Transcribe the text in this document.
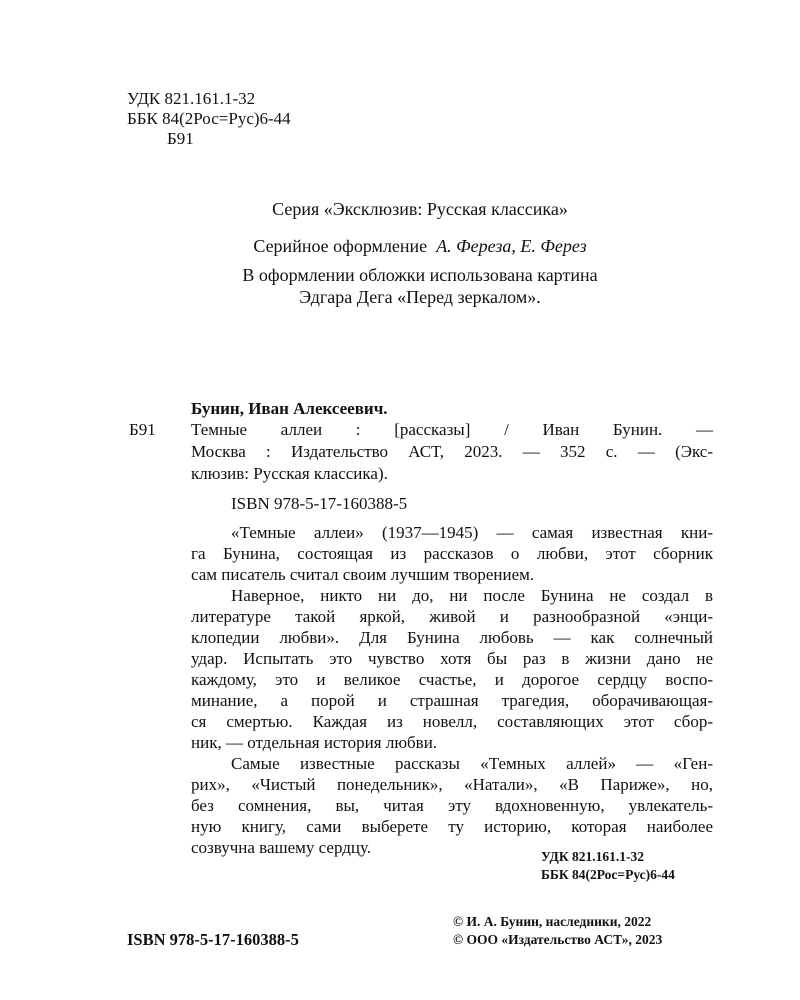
УДК 821.161.1-32
ББК 84(2Рос=Рус)6-44
Б91
Серия «Эксклюзив: Русская классика»
Серийное оформление А. Фереза, Е. Ферез
В оформлении обложки использована картина
Эдгара Дега «Перед зеркалом».
Бунин, Иван Алексеевич.
Б91 Темные аллеи : [рассказы] / Иван Бунин. —
Москва : Издательство АСТ, 2023. — 352 с. — (Экс-
клюзив: Русская классика).
ISBN 978-5-17-160388-5
«Темные аллеи» (1937—1945) — самая известная кни-
га Бунина, состоящая из рассказов о любви, этот сборник
сам писатель считал своим лучшим творением.
Наверное, никто ни до, ни после Бунина не создал в
литературе такой яркой, живой и разнообразной «энци-
клопедии любви». Для Бунина любовь — как солнечный
удар. Испытать это чувство хотя бы раз в жизни дано не
каждому, это и великое счастье, и дорогое сердцу воспо-
минание, а порой и страшная трагедия, оборачивающая-
ся смертью. Каждая из новелл, составляющих этот сбор-
ник, — отдельная история любви.
Самые известные рассказы «Темных аллей» — «Ген-
рих», «Чистый понедельник», «Натали», «В Париже», но,
без сомнения, вы, читая эту вдохновенную, увлекатель-
ную книгу, сами выберете ту историю, которая наиболее
созвучна вашему сердцу.	УДК 821.161.1-32
ББК 84(2Рос=Рус)6-44
ISBN 978-5-17-160388-5
© И. А. Бунин, наследники, 2022
© ООО «Издательство АСТ», 2023
